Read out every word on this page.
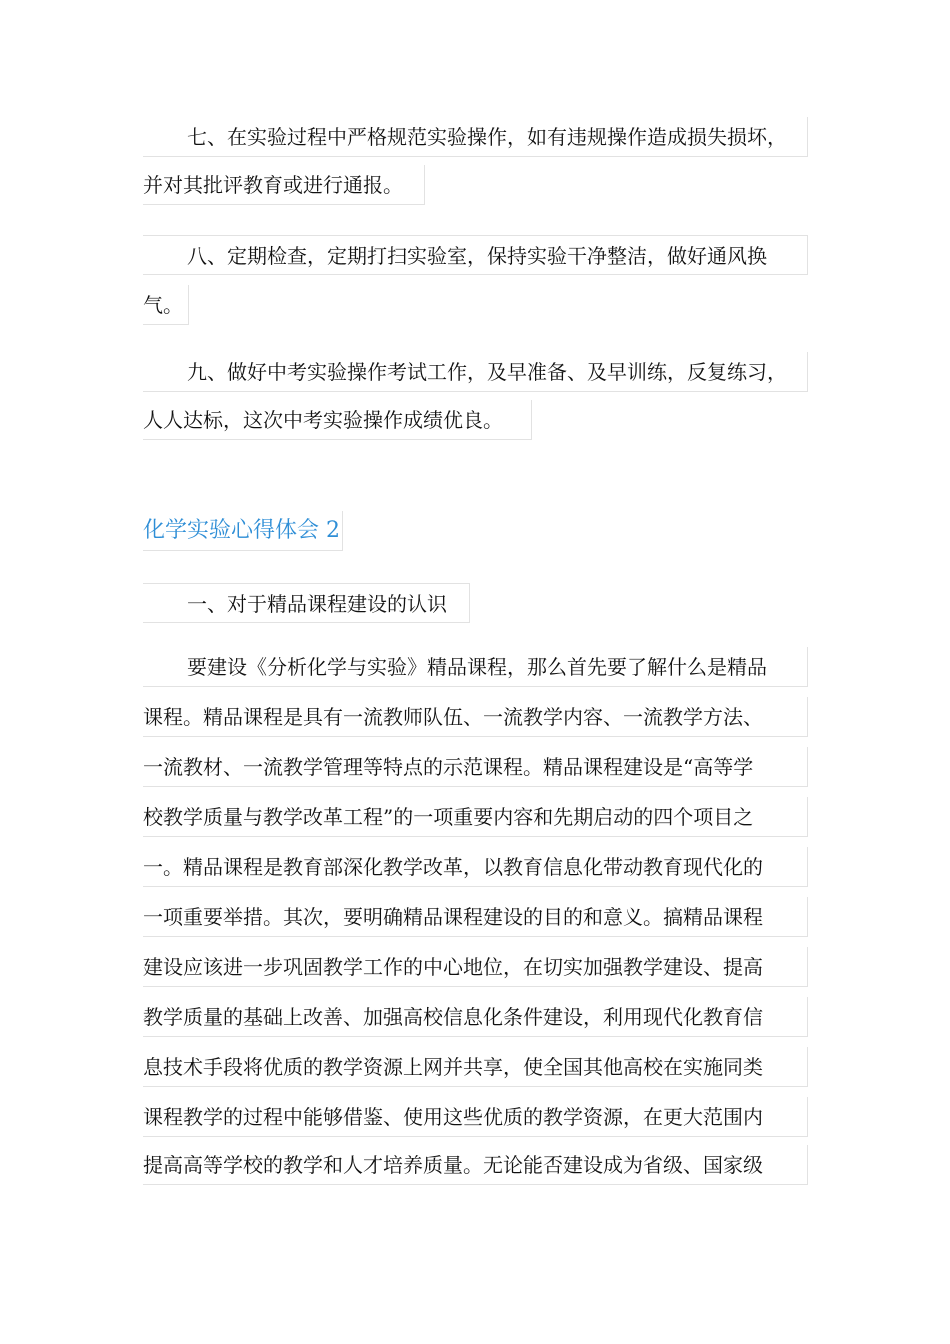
七、在实验过程中严格规范实验操作，如有违规操作造成损失损坏，
并对其批评教育或进行通报。
八、定期检查，定期打扫实验室，保持实验干净整洁，做好通风换
气。
九、做好中考实验操作考试工作，及早准备、及早训练，反复练习，
人人达标，这次中考实验操作成绩优良。
化学实验心得体会 2
一、对于精品课程建设的认识
要建设《分析化学与实验》精品课程，那么首先要了解什么是精品
课程。精品课程是具有一流教师队伍、一流教学内容、一流教学方法、
一流教材、一流教学管理等特点的示范课程。精品课程建设是“高等学
校教学质量与教学改革工程”的一项重要内容和先期启动的四个项目之
一。精品课程是教育部深化教学改革，以教育信息化带动教育现代化的
一项重要举措。其次，要明确精品课程建设的目的和意义。搞精品课程
建设应该进一步巩固教学工作的中心地位，在切实加强教学建设、提高
教学质量的基础上改善、加强高校信息化条件建设，利用现代化教育信
息技术手段将优质的教学资源上网并共享，使全国其他高校在实施同类
课程教学的过程中能够借鉴、使用这些优质的教学资源，在更大范围内
提高高等学校的教学和人才培养质量。无论能否建设成为省级、国家级
